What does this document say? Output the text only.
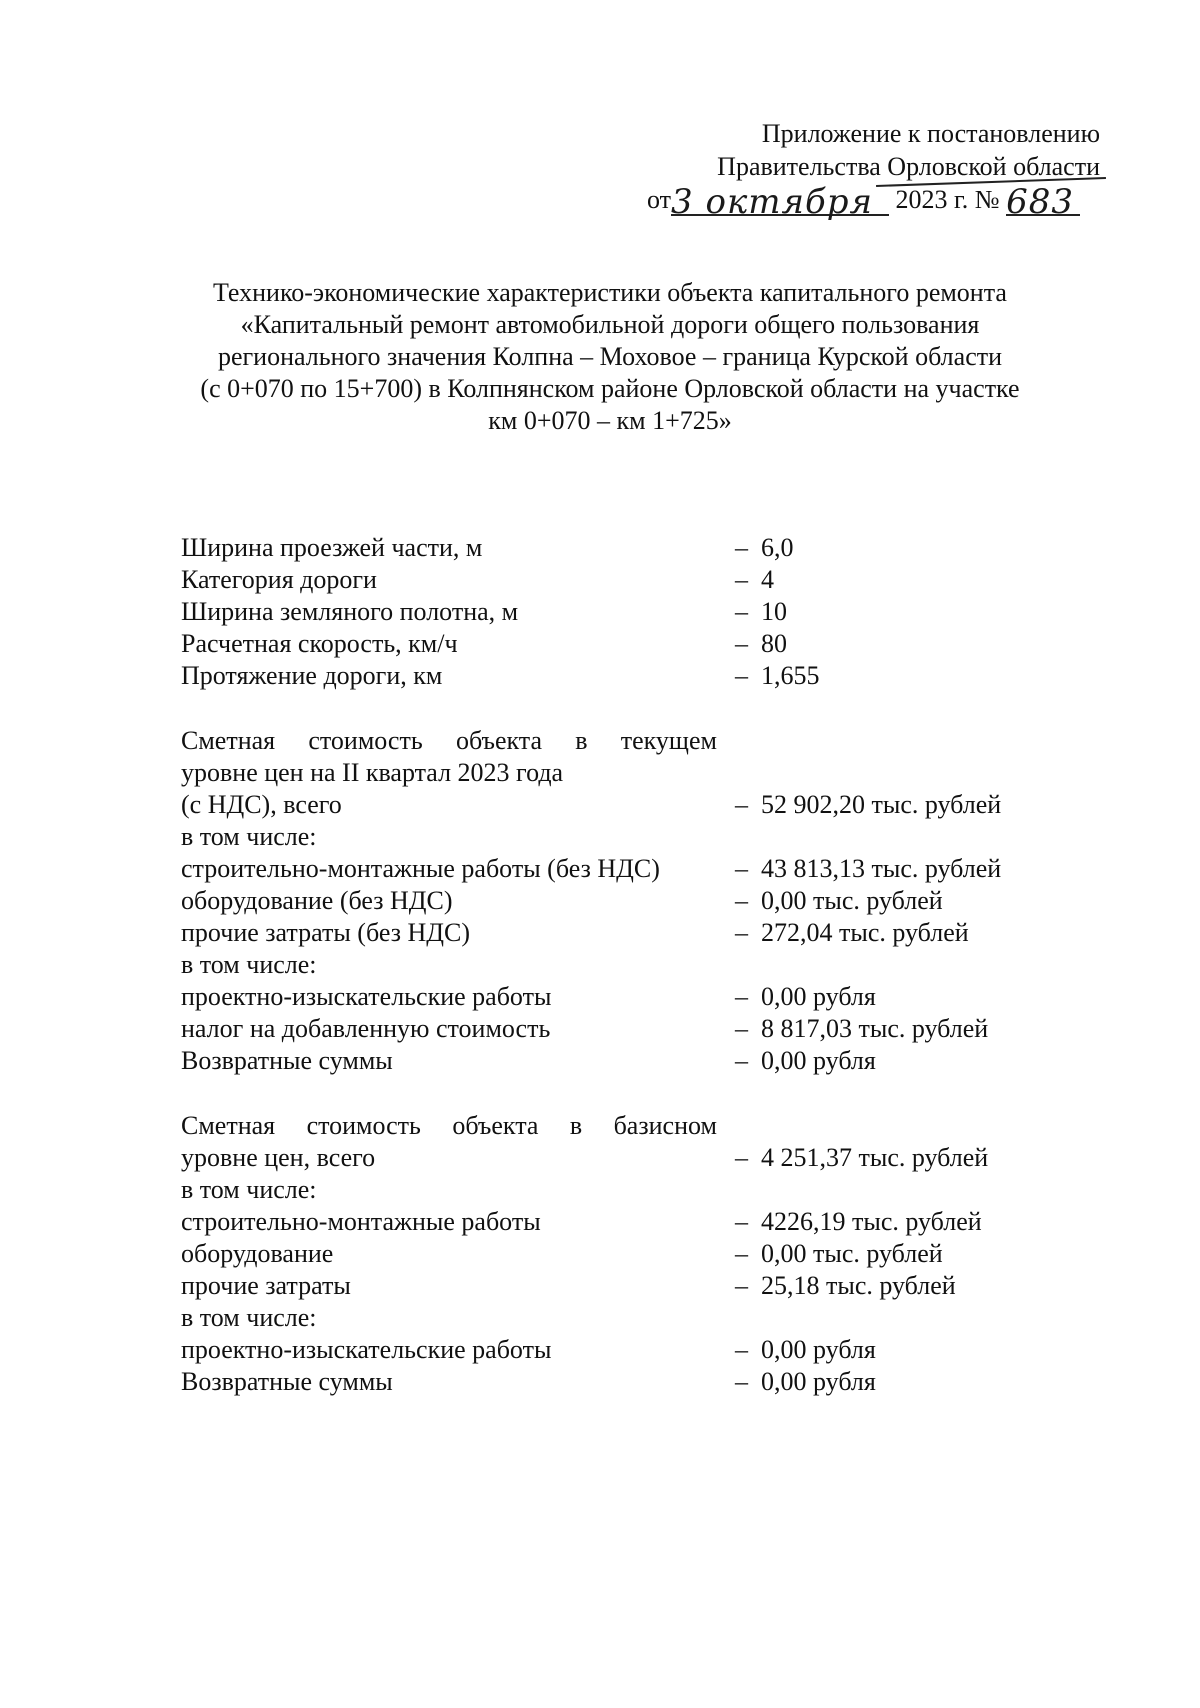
Приложение к постановлению
Правительства Орловской области
от 3 октября 2023 г. № 683
Технико-экономические характеристики объекта капитального ремонта
«Капитальный ремонт автомобильной дороги общего пользования
регионального значения Колпна – Моховое – граница Курской области
(с 0+070 по 15+700) в Колпнянском районе Орловской области на участке
км 0+070 – км 1+725»
Ширина проезжей части, м	– 6,0
Категория дороги	– 4
Ширина земляного полотна, м	– 10
Расчетная скорость, км/ч	– 80
Протяжение дороги, км	– 1,655
Сметная стоимость объекта в текущем
уровне цен на II квартал 2023 года
(с НДС), всего	– 52 902,20 тыс. рублей
в том числе:
строительно-монтажные работы (без НДС)	– 43 813,13 тыс. рублей
оборудование (без НДС)	– 0,00 тыс. рублей
прочие затраты (без НДС)	– 272,04 тыс. рублей
в том числе:
проектно-изыскательские работы	– 0,00 рубля
налог на добавленную стоимость	– 8 817,03 тыс. рублей
Возвратные суммы	– 0,00 рубля
Сметная стоимость объекта в базисном
уровне цен, всего	– 4 251,37 тыс. рублей
в том числе:
строительно-монтажные работы	– 4226,19 тыс. рублей
оборудование	– 0,00 тыс. рублей
прочие затраты	– 25,18 тыс. рублей
в том числе:
проектно-изыскательские работы	– 0,00 рубля
Возвратные суммы	– 0,00 рубля
